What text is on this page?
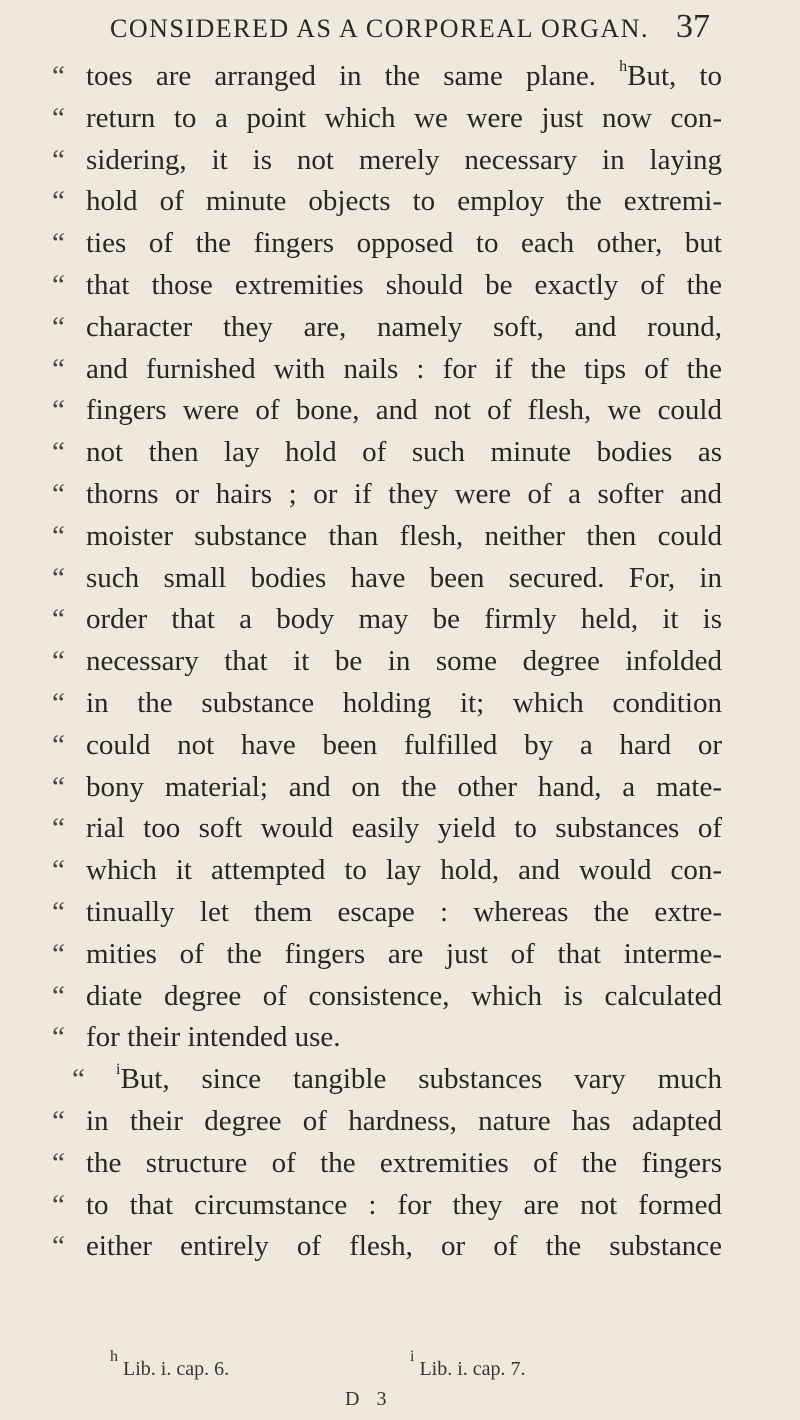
CONSIDERED AS A CORPOREAL ORGAN. 37
“ toes are arranged in the same plane. $^h$But, to
“ return to a point which we were just now con-
“ sidering, it is not merely necessary in laying
“ hold of minute objects to employ the extremi-
“ ties of the fingers opposed to each other, but
“ that those extremities should be exactly of the
“ character they are, namely soft, and round,
“ and furnished with nails : for if the tips of the
“ fingers were of bone, and not of flesh, we could
“ not then lay hold of such minute bodies as
“ thorns or hairs ; or if they were of a softer and
“ moister substance than flesh, neither then could
“ such small bodies have been secured. For, in
“ order that a body may be firmly held, it is
“ necessary that it be in some degree infolded
“ in the substance holding it; which condition
“ could not have been fulfilled by a hard or
“ bony material; and on the other hand, a mate-
“ rial too soft would easily yield to substances of
“ which it attempted to lay hold, and would con-
“ tinually let them escape : whereas the extre-
“ mities of the fingers are just of that interme-
“ diate degree of consistence, which is calculated
“ for their intended use.
“ $^i$But, since tangible substances vary much
“ in their degree of hardness, nature has adapted
“ the structure of the extremities of the fingers
“ to that circumstance : for they are not formed
“ either entirely of flesh, or of the substance
$^h$ Lib. i. cap. 6.
$^i$ Lib. i. cap. 7.
D 3
